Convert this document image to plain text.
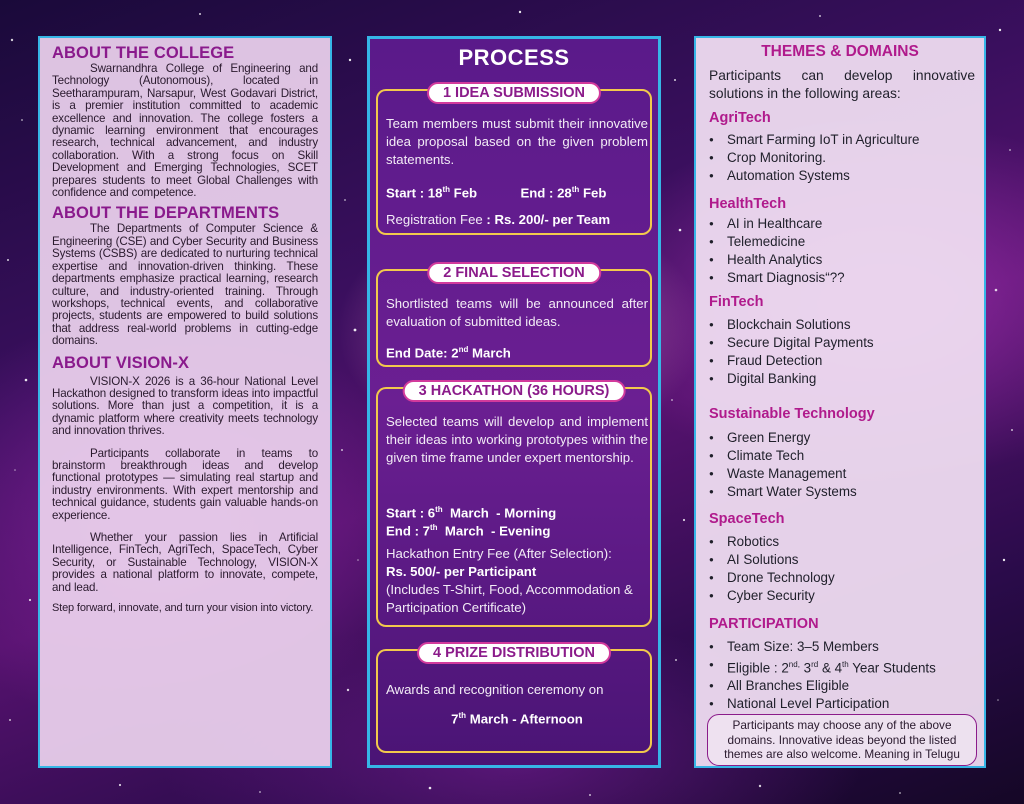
ABOUT THE COLLEGE

Swarnandhra College of Engineering and Technology (Autonomous), located in Seetharampuram, Narsapur, West Godavari District, is a premier institution committed to academic excellence and innovation. The college fosters a dynamic learning environment that encourages research, technical advancement, and industry collaboration. With a strong focus on Skill Development and Emerging Technologies, SCET prepares students to meet Global Challenges with confidence and competence.

ABOUT THE DEPARTMENTS

The Departments of Computer Science & Engineering (CSE) and Cyber Security and Business Systems (CSBS) are dedicated to nurturing technical expertise and innovation-driven thinking. These departments emphasize practical learning, research culture, and industry-oriented training. Through workshops, technical events, and collaborative projects, students are empowered to build solutions that address real-world problems in cutting-edge domains.

ABOUT VISION-X

VISION-X 2026 is a 36-hour National Level Hackathon designed to transform ideas into impactful solutions. More than just a competition, it is a dynamic platform where creativity meets technology and innovation thrives.

Participants collaborate in teams to brainstorm breakthrough ideas and develop functional prototypes — simulating real startup and industry environments. With expert mentorship and technical guidance, students gain valuable hands-on experience.

Whether your passion lies in Artificial Intelligence, FinTech, AgriTech, SpaceTech, Cyber Security, or Sustainable Technology, VISION-X provides a national platform to innovate, compete, and lead.

Step forward, innovate, and turn your vision into victory.

PROCESS
1 IDEA SUBMISSION

Team members must submit their innovative idea proposal based on the given problem statements.

Start : 18th Feb	End : 28th Feb
Registration Fee : Rs. 200/- per Team
2 FINAL SELECTION

Shortlisted teams will be announced after evaluation of submitted ideas.

End Date: 2nd March
3 HACKATHON (36 HOURS)

Selected teams will develop and implement their ideas into working prototypes within the given time frame under expert mentorship.

Start : 6th  March  - Morning
End : 7th  March  - Evening
Hackathon Entry Fee (After Selection):
Rs. 500/- per Participant
(Includes T-Shirt, Food, Accommodation & Participation Certificate)
4 PRIZE DISTRIBUTION

Awards and recognition ceremony on

7th March - Afternoon
THEMES & DOMAINS
Participants can develop innovative solutions in the following areas:
AgriTech
● Smart Farming IoT in Agriculture
● Crop Monitoring.
● Automation Systems
HealthTech
● AI in Healthcare
● Telemedicine
● Health Analytics
● Smart Diagnosis“??
FinTech
● Blockchain Solutions
● Secure Digital Payments
● Fraud Detection
● Digital Banking
Sustainable Technology
● Green Energy
● Climate Tech
● Waste Management
● Smart Water Systems
SpaceTech
● Robotics
● AI Solutions
● Drone Technology
● Cyber Security
PARTICIPATION
● Team Size: 3–5 Members
● Eligible : $2^{nd,}$ 3rd & 4th Year Students
● All Branches Eligible
● National Level Participation
Participants may choose any of the above domains. Innovative ideas beyond the listed themes are also welcome. Meaning in Telugu
